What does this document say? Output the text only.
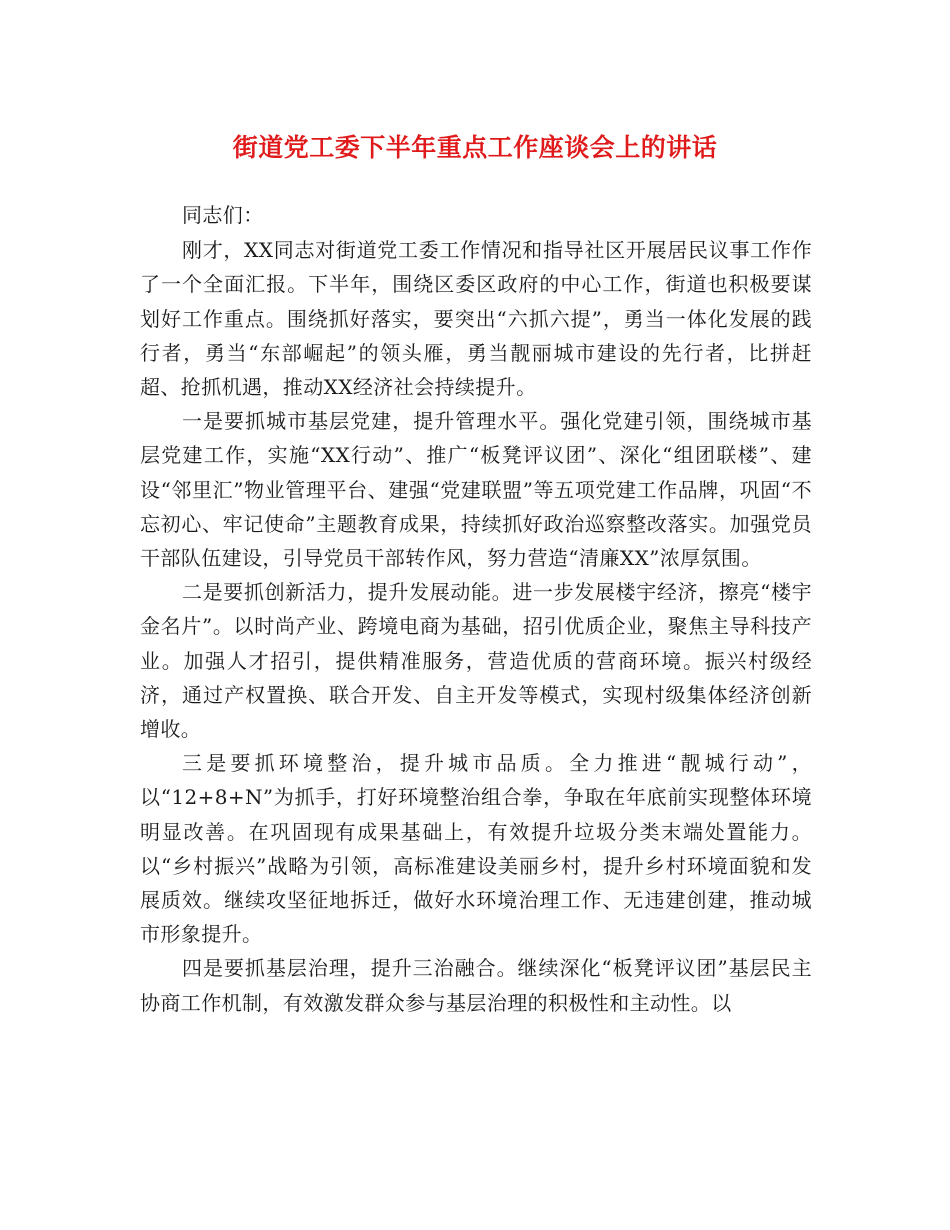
街道党工委下半年重点工作座谈会上的讲话

同志们：

刚才，XX同志对街道党工委工作情况和指导社区开展居民议事工作作了一个全面汇报。下半年，围绕区委区政府的中心工作，街道也积极要谋划好工作重点。围绕抓好落实，要突出“六抓六提”，勇当一体化发展的践行者，勇当“东部崛起”的领头雁，勇当靓丽城市建设的先行者，比拼赶超、抢抓机遇，推动XX经济社会持续提升。

一是要抓城市基层党建，提升管理水平。强化党建引领，围绕城市基层党建工作，实施“XX行动”、推广“板凳评议团”、深化“组团联楼”、建设“邻里汇”物业管理平台、建强“党建联盟”等五项党建工作品牌，巩固“不忘初心、牢记使命”主题教育成果，持续抓好政治巡察整改落实。加强党员干部队伍建设，引导党员干部转作风，努力营造“清廉XX”浓厚氛围。

二是要抓创新活力，提升发展动能。进一步发展楼宇经济，擦亮“楼宇金名片”。以时尚产业、跨境电商为基础，招引优质企业，聚焦主导科技产业。加强人才招引，提供精准服务，营造优质的营商环境。振兴村级经济，通过产权置换、联合开发、自主开发等模式，实现村级集体经济创新增收。

三是要抓环境整治，提升城市品质。全力推进“靓城行动”，以“12+8+N”为抓手，打好环境整治组合拳，争取在年底前实现整体环境明显改善。在巩固现有成果基础上，有效提升垃圾分类末端处置能力。以“乡村振兴”战略为引领，高标准建设美丽乡村，提升乡村环境面貌和发展质效。继续攻坚征地拆迁，做好水环境治理工作、无违建创建，推动城市形象提升。

四是要抓基层治理，提升三治融合。继续深化“板凳评议团”基层民主协商工作机制，有效激发群众参与基层治理的积极性和主动性。以
